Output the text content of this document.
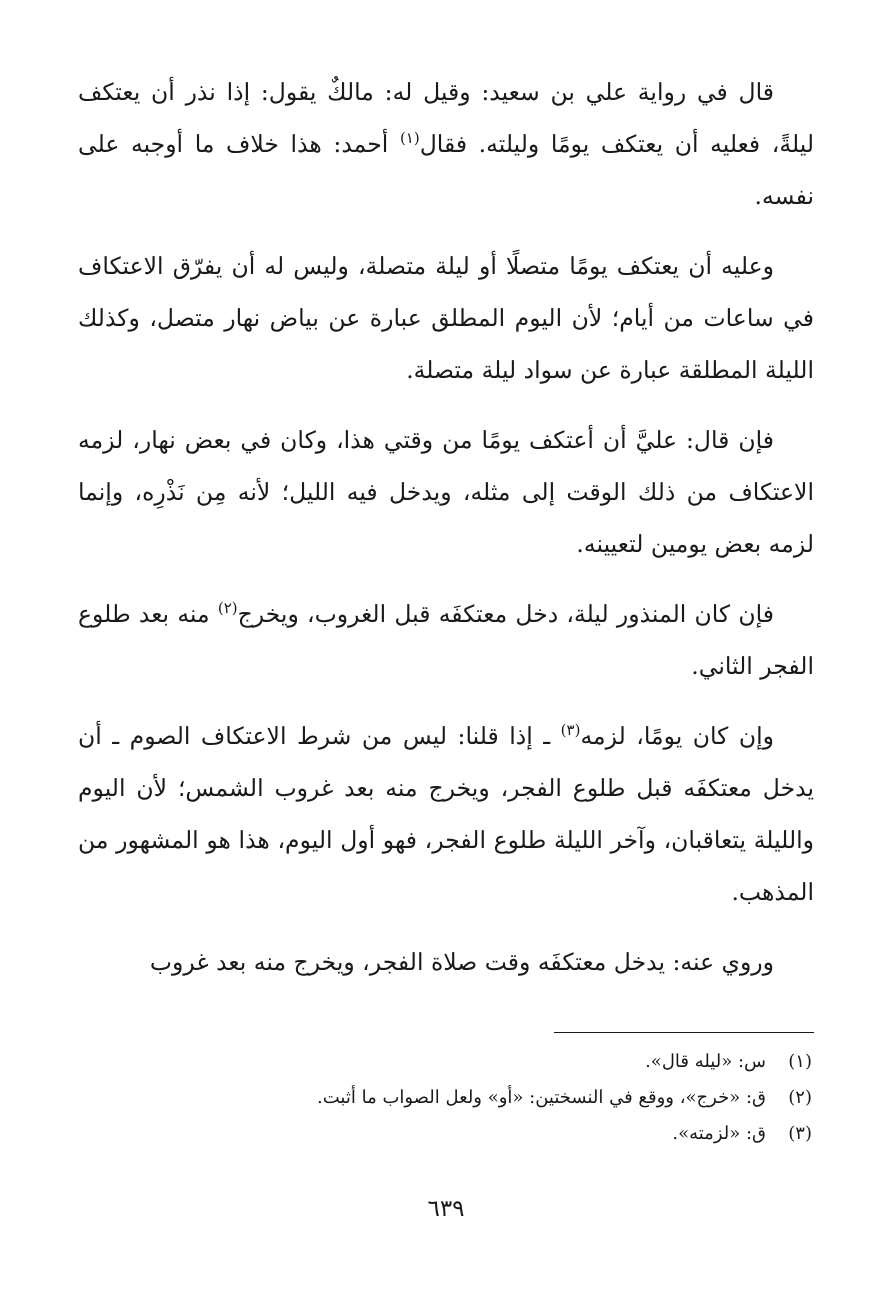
قال في رواية علي بن سعيد: وقيل له: مالكٌ يقول: إذا نذر أن يعتكف ليلةً، فعليه أن يعتكف يومًا وليلته. فقال$^{(١)}$ أحمد: هذا خلاف ما أوجبه على نفسه.

وعليه أن يعتكف يومًا متصلًا أو ليلة متصلة، وليس له أن يفرّق الاعتكاف في ساعات من أيام؛ لأن اليوم المطلق عبارة عن بياض نهار متصل، وكذلك الليلة المطلقة عبارة عن سواد ليلة متصلة.

فإن قال: عليَّ أن أعتكف يومًا من وقتي هذا، وكان في بعض نهار، لزمه الاعتكاف من ذلك الوقت إلى مثله، ويدخل فيه الليل؛ لأنه مِن نَذْرِه، وإنما لزمه بعض يومين لتعيينه.

فإن كان المنذور ليلة، دخل معتكفَه قبل الغروب، ويخرج$^{(٢)}$ منه بعد طلوع الفجر الثاني.

وإن كان يومًا، لزمه$^{(٣)}$ ـ إذا قلنا: ليس من شرط الاعتكاف الصوم ـ أن يدخل معتكفَه قبل طلوع الفجر، ويخرج منه بعد غروب الشمس؛ لأن اليوم والليلة يتعاقبان، وآخر الليلة طلوع الفجر، فهو أول اليوم، هذا هو المشهور من المذهب.

وروي عنه: يدخل معتكفَه وقت صلاة الفجر، ويخرج منه بعد غروب

(١)س: «ليله قال».

(٢)ق: «خرج»، ووقع في النسختين: «أو» ولعل الصواب ما أثبت.

(٣)ق: «لزمته».

٦٣٩
